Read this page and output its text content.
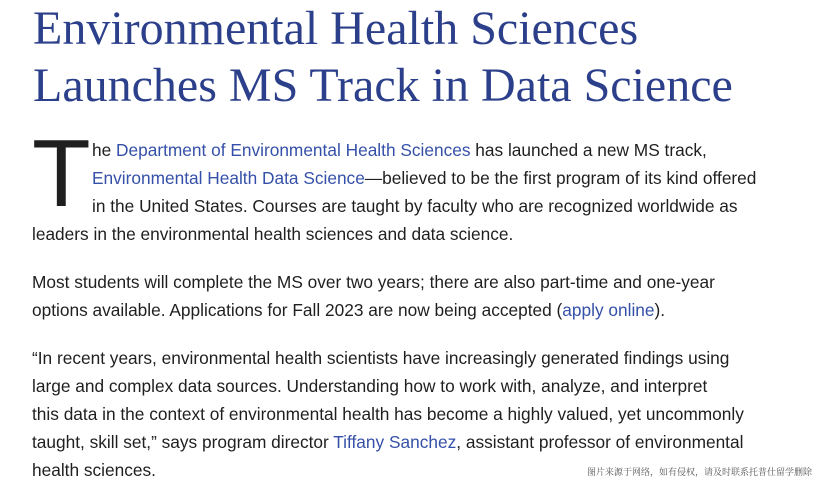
Environmental Health Sciences
Launches MS Track in Data Science
T he Department of Environmental Health Sciences has launched a new MS track,
Environmental Health Data Science—believed to be the first program of its kind offered
in the United States. Courses are taught by faculty who are recognized worldwide as
leaders in the environmental health sciences and data science.

Most students will complete the MS over two years; there are also part-time and one-year
options available. Applications for Fall 2023 are now being accepted (apply online).

“In recent years, environmental health scientists have increasingly generated findings using
large and complex data sources. Understanding how to work with, analyze, and interpret
this data in the context of environmental health has become a highly valued, yet uncommonly
taught, skill set,” says program director Tiffany Sanchez, assistant professor of environmental
health sciences.	图片来源于网络，如有侵权，请及时联系托普仕留学删除
